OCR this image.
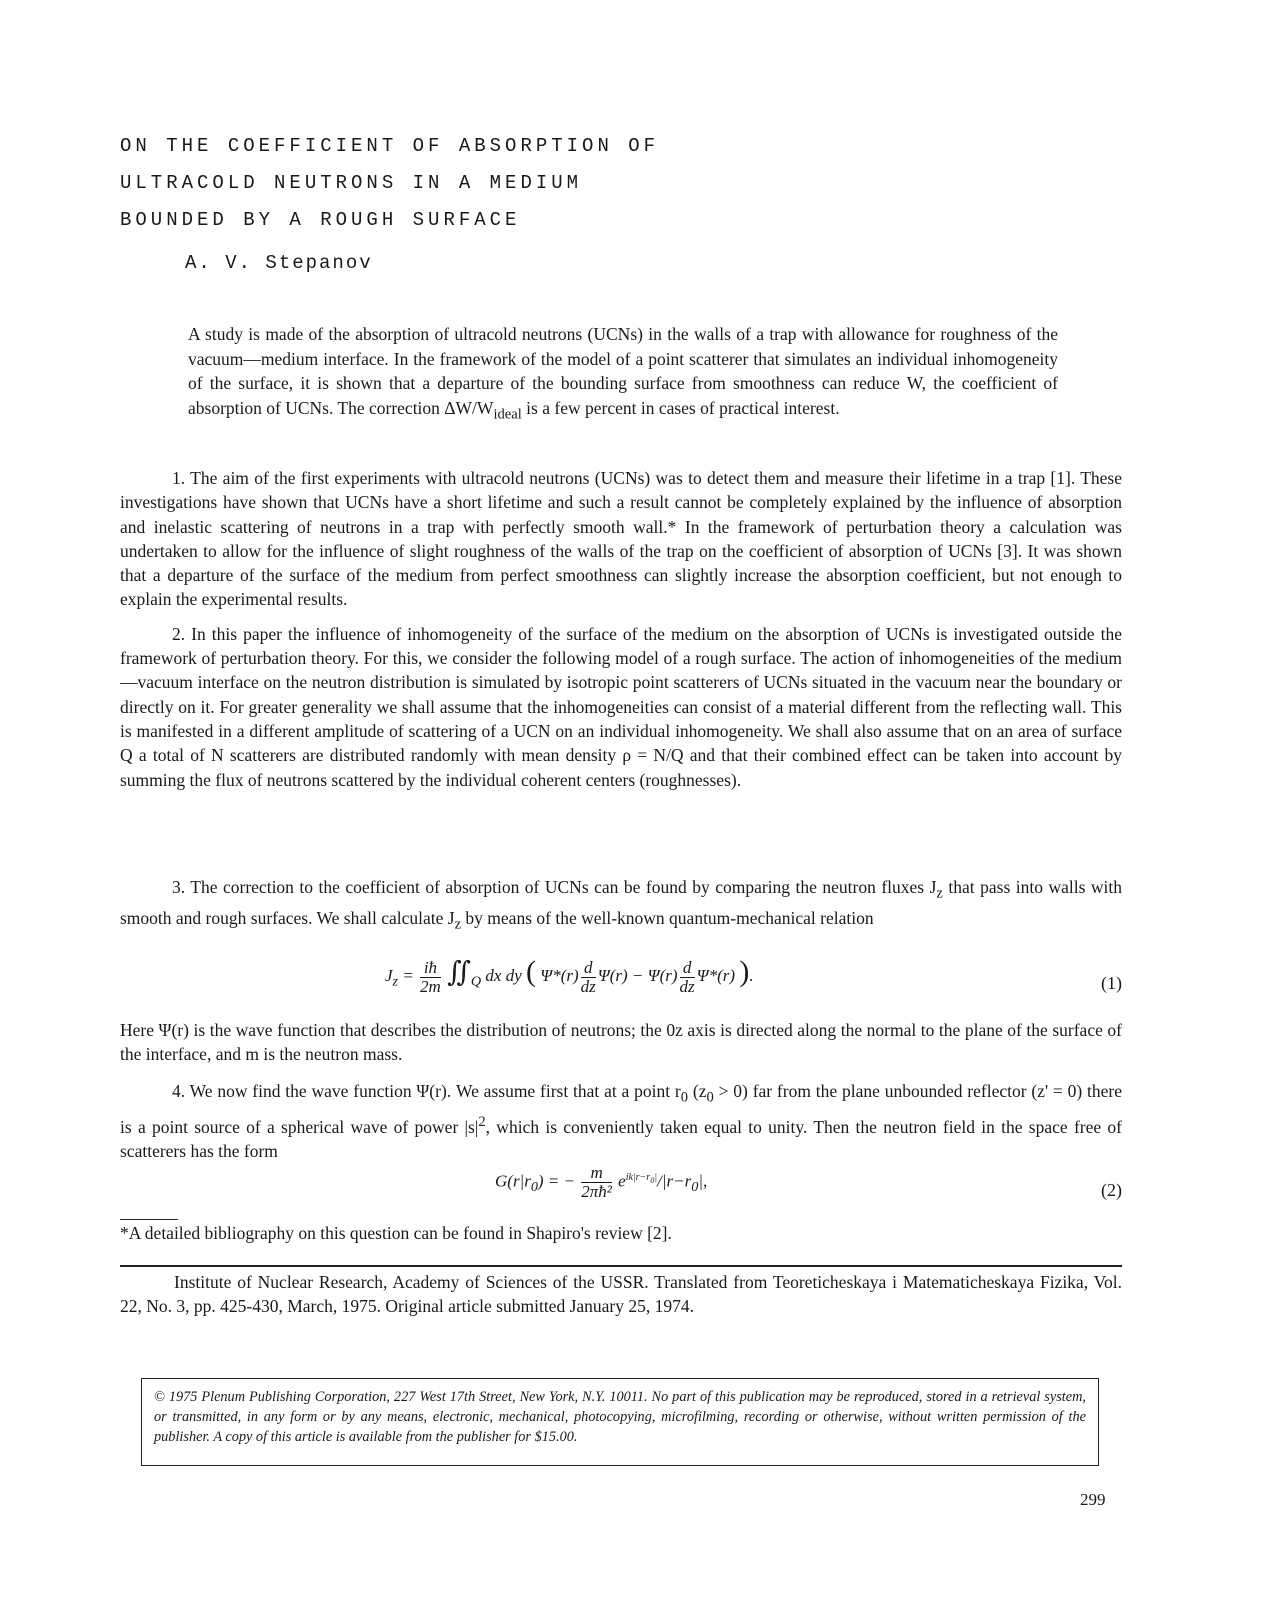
ON THE COEFFICIENT OF ABSORPTION OF
ULTRACOLD NEUTRONS IN A MEDIUM
BOUNDED BY A ROUGH SURFACE
A. V. Stepanov
A study is made of the absorption of ultracold neutrons (UCNs) in the walls of a trap with allowance for roughness of the vacuum—medium interface. In the framework of the model of a point scatterer that simulates an individual inhomogeneity of the surface, it is shown that a departure of the bounding surface from smoothness can reduce W, the coefficient of absorption of UCNs. The correction $\Delta W/W_{ideal}$ is a few percent in cases of practical interest.
1. The aim of the first experiments with ultracold neutrons (UCNs) was to detect them and measure their lifetime in a trap [1]. These investigations have shown that UCNs have a short lifetime and such a result cannot be completely explained by the influence of absorption and inelastic scattering of neutrons in a trap with perfectly smooth wall.* In the framework of perturbation theory a calculation was undertaken to allow for the influence of slight roughness of the walls of the trap on the coefficient of absorption of UCNs [3]. It was shown that a departure of the surface of the medium from perfect smoothness can slightly increase the absorption coefficient, but not enough to explain the experimental results.
2. In this paper the influence of inhomogeneity of the surface of the medium on the absorption of UCNs is investigated outside the framework of perturbation theory. For this, we consider the following model of a rough surface. The action of inhomogeneities of the medium—vacuum interface on the neutron distribution is simulated by isotropic point scatterers of UCNs situated in the vacuum near the boundary or directly on it. For greater generality we shall assume that the inhomogeneities can consist of a material different from the reflecting wall. This is manifested in a different amplitude of scattering of a UCN on an individual inhomogeneity. We shall also assume that on an area of surface Q a total of N scatterers are distributed randomly with mean density ρ = N/Q and that their combined effect can be taken into account by summing the flux of neutrons scattered by the individual coherent centers (roughnesses).
3. The correction to the coefficient of absorption of UCNs can be found by comparing the neutron fluxes $J_z$ that pass into walls with smooth and rough surfaces. We shall calculate $J_z$ by means of the well-known quantum-mechanical relation
$J_z = \frac{iħ}{2m}$ $∬_Q$ dx dy ( $\Psi*(r) \frac{d}{dz} \Psi(r) - \Psi(r) \frac{d}{dz} \Psi*(r)$ ).	(1)
Here Ψ(r) is the wave function that describes the distribution of neutrons; the 0z axis is directed along the normal to the plane of the surface of the interface, and m is the neutron mass.
4. We now find the wave function Ψ(r). We assume first that at a point $r_0$ $(z_0 > 0)$ far from the plane unbounded reflector (z' = 0) there is a point source of a spherical wave of power $|s|^2$, which is conveniently taken equal to unity. Then the neutron field in the space free of scatterers has the form
$G(r|r_0)$ = − $\frac{m}{\text{2πħ²}} e^{ik|r-r_0|}/|r-r_0|$,	(2)
*A detailed bibliography on this question can be found in Shapiro's review [2].

Institute of Nuclear Research, Academy of Sciences of the USSR. Translated from Teoreticheskaya i Matematicheskaya Fizika, Vol. 22, No. 3, pp. 425-430, March, 1975. Original article submitted January 25, 1974.

© 1975 Plenum Publishing Corporation, 227 West 17th Street, New York, N.Y. 10011. No part of this publication may be reproduced, stored in a retrieval system, or transmitted, in any form or by any means, electronic, mechanical, photocopying, microfilming, recording or otherwise, without written permission of the publisher. A copy of this article is available from the publisher for $15.00.
299
